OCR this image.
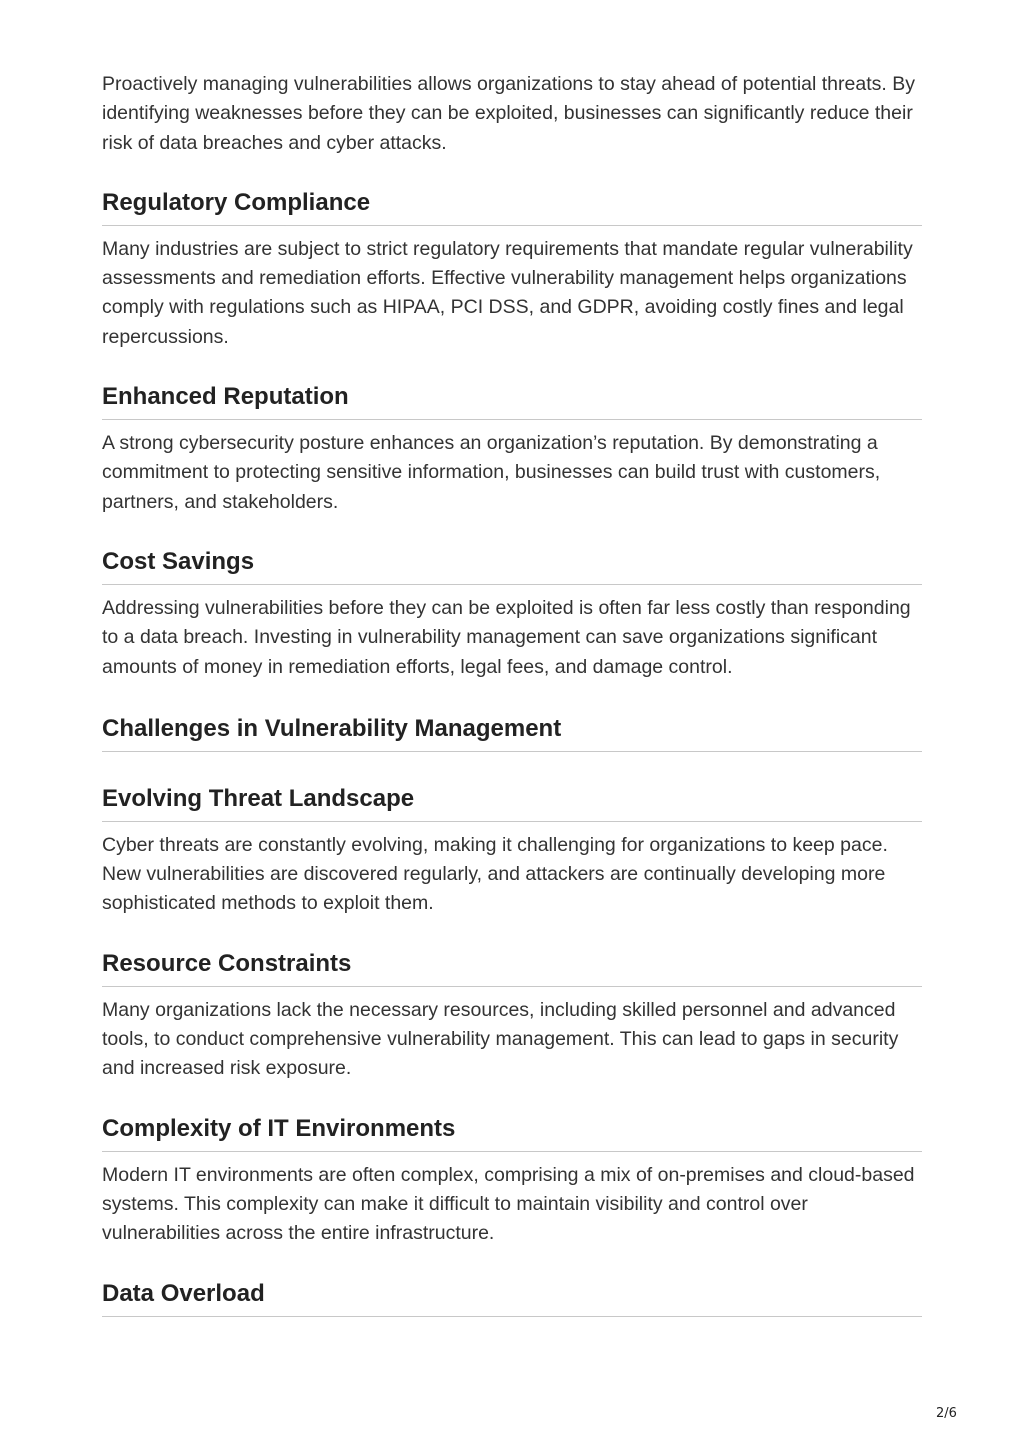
Proactively managing vulnerabilities allows organizations to stay ahead of potential threats. By identifying weaknesses before they can be exploited, businesses can significantly reduce their risk of data breaches and cyber attacks.

Regulatory Compliance

Many industries are subject to strict regulatory requirements that mandate regular vulnerability assessments and remediation efforts. Effective vulnerability management helps organizations comply with regulations such as HIPAA, PCI DSS, and GDPR, avoiding costly fines and legal repercussions.

Enhanced Reputation

A strong cybersecurity posture enhances an organization’s reputation. By demonstrating a commitment to protecting sensitive information, businesses can build trust with customers, partners, and stakeholders.

Cost Savings

Addressing vulnerabilities before they can be exploited is often far less costly than responding to a data breach. Investing in vulnerability management can save organizations significant amounts of money in remediation efforts, legal fees, and damage control.

Challenges in Vulnerability Management
Evolving Threat Landscape

Cyber threats are constantly evolving, making it challenging for organizations to keep pace. New vulnerabilities are discovered regularly, and attackers are continually developing more sophisticated methods to exploit them.

Resource Constraints

Many organizations lack the necessary resources, including skilled personnel and advanced tools, to conduct comprehensive vulnerability management. This can lead to gaps in security and increased risk exposure.

Complexity of IT Environments

Modern IT environments are often complex, comprising a mix of on-premises and cloud-based systems. This complexity can make it difficult to maintain visibility and control over vulnerabilities across the entire infrastructure.

Data Overload
2/6
